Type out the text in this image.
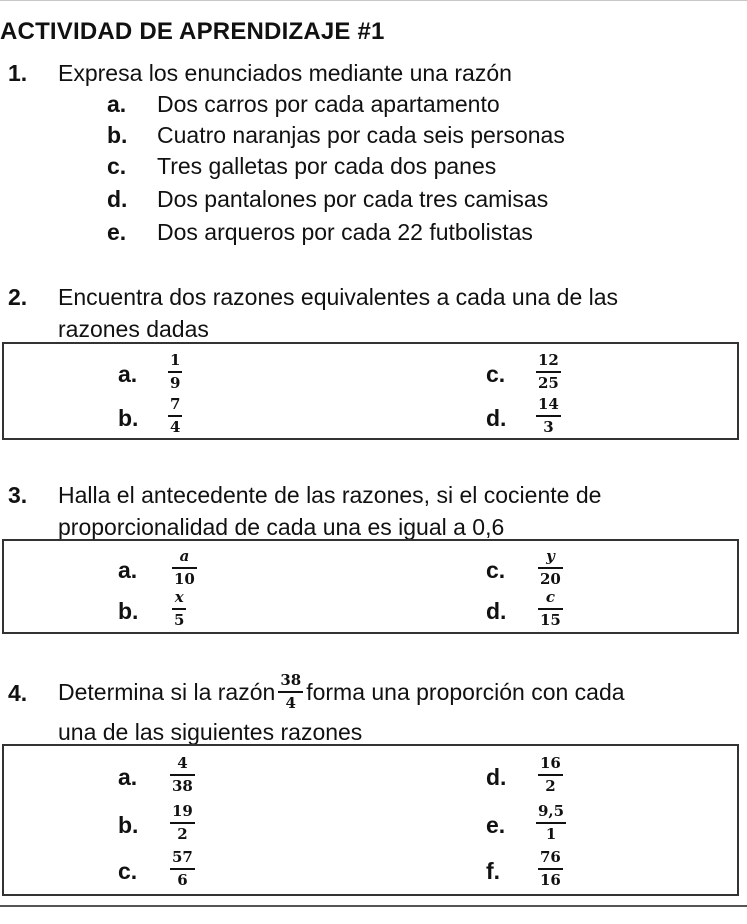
ACTIVIDAD DE APRENDIZAJE #1
1. Expresa los enunciados mediante una razón
a. Dos carros por cada apartamento
b. Cuatro naranjas por cada seis personas
c. Tres galletas por cada dos panes
d. Dos pantalones por cada tres camisas
e. Dos arqueros por cada 22 futbolistas
2. Encuentra dos razones equivalentes a cada una de las
razones dadas
a.
1
9
b.
7
4
c.
12
25
d.
14
3
3. Halla el antecedente de las razones, si el cociente de
proporcionalidad de cada una es igual a 0,6
a.
a
10
b.
x
5
c.
y
20
d.
c
15
4. Determina si la razón $\frac{38}{4}$ forma una proporción con cada
una de las siguientes razones
a.
4
38
b.
19
2
c.
57
6
d.
16
2
e.
9,5
1
f.
76
16
